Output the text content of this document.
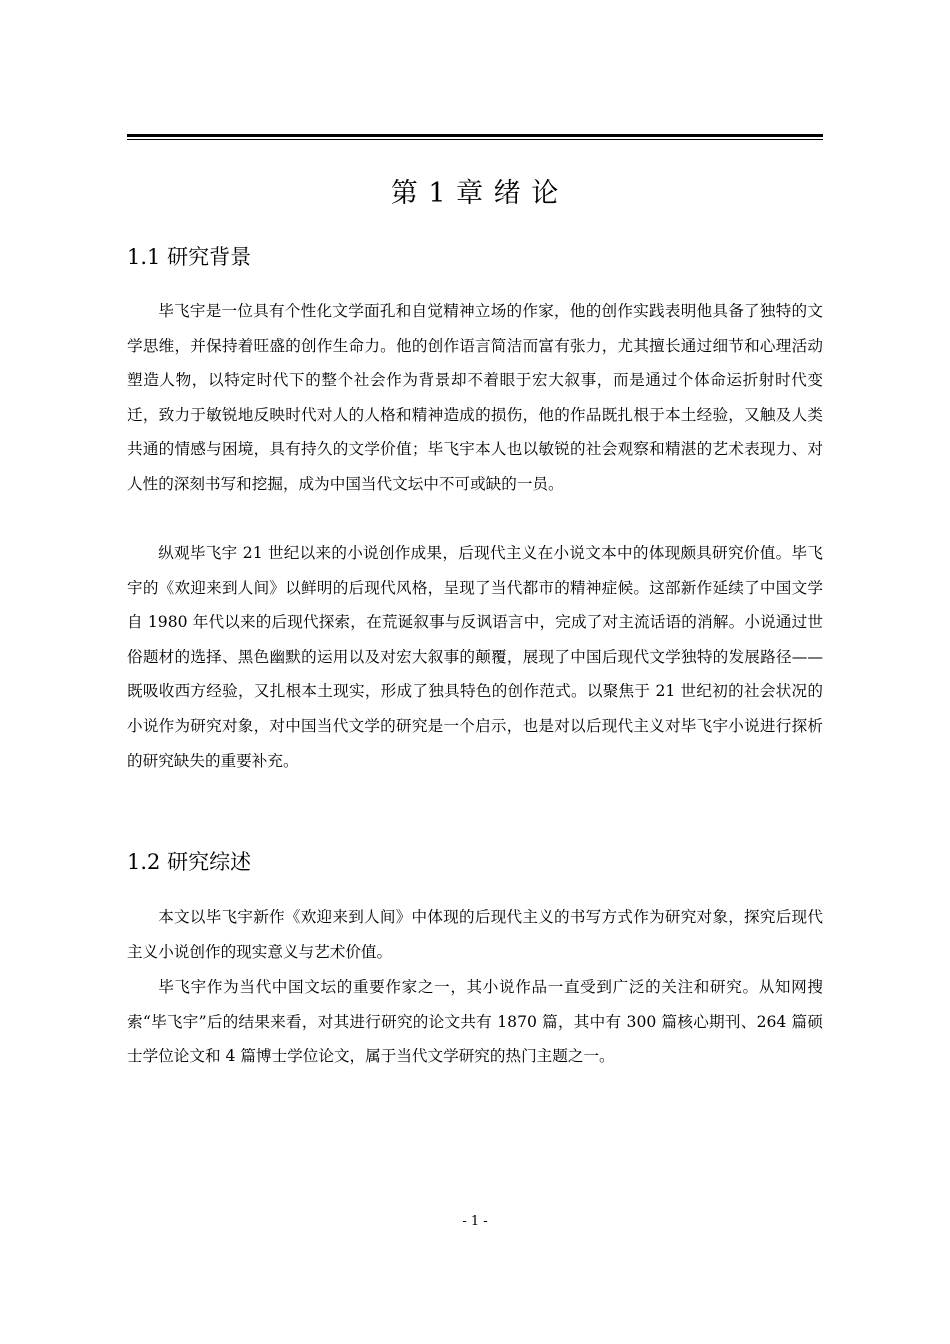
第 1 章 绪 论
1.1 研究背景

毕飞宇是一位具有个性化文学面孔和自觉精神立场的作家，他的创作实践表明他具备了独特的文学思维，并保持着旺盛的创作生命力。他的创作语言简洁而富有张力，尤其擅长通过细节和心理活动塑造人物，以特定时代下的整个社会作为背景却不着眼于宏大叙事，而是通过个体命运折射时代变迁，致力于敏锐地反映时代对人的人格和精神造成的损伤，他的作品既扎根于本土经验，又触及人类共通的情感与困境，具有持久的文学价值；毕飞宇本人也以敏锐的社会观察和精湛的艺术表现力、对人性的深刻书写和挖掘，成为中国当代文坛中不可或缺的一员。

纵观毕飞宇 21 世纪以来的小说创作成果，后现代主义在小说文本中的体现颇具研究价值。毕飞宇的《欢迎来到人间》以鲜明的后现代风格，呈现了当代都市的精神症候。这部新作延续了中国文学自 1980 年代以来的后现代探索，在荒诞叙事与反讽语言中，完成了对主流话语的消解。小说通过世俗题材的选择、黑色幽默的运用以及对宏大叙事的颠覆，展现了中国后现代文学独特的发展路径——既吸收西方经验，又扎根本土现实，形成了独具特色的创作范式。以聚焦于 21 世纪初的社会状况的小说作为研究对象，对中国当代文学的研究是一个启示，也是对以后现代主义对毕飞宇小说进行探析的研究缺失的重要补充。

1.2 研究综述

本文以毕飞宇新作《欢迎来到人间》中体现的后现代主义的书写方式作为研究对象，探究后现代主义小说创作的现实意义与艺术价值。

毕飞宇作为当代中国文坛的重要作家之一，其小说作品一直受到广泛的关注和研究。从知网搜索“毕飞宇”后的结果来看，对其进行研究的论文共有 1870 篇，其中有 300 篇核心期刊、264 篇硕士学位论文和 4 篇博士学位论文，属于当代文学研究的热门主题之一。

- 1 -
